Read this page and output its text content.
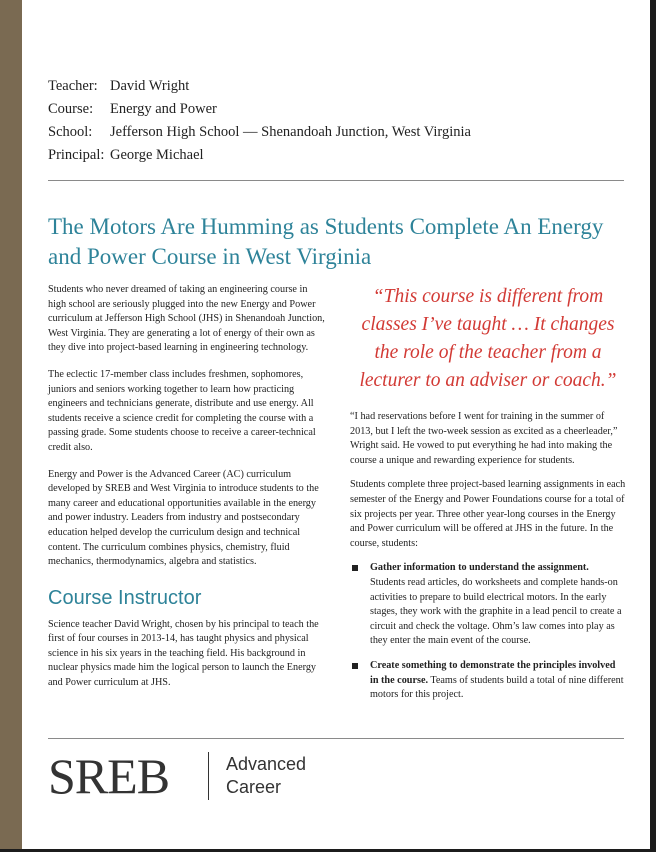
Teacher: David Wright
Course:	Energy and Power
School:	Jefferson High School — Shenandoah Junction, West Virginia
Principal: George Michael
The Motors Are Humming as Students Complete An Energy and Power Course in West Virginia

Students who never dreamed of taking an engineering course in high school are seriously plugged into the new Energy and Power curriculum at Jefferson High School (JHS) in Shenandoah Junction, West Virginia. They are generating a lot of energy of their own as they dive into project-based learning in engineering technology.

The eclectic 17-member class includes freshmen, sophomores, juniors and seniors working together to learn how practicing engineers and technicians generate, distribute and use energy. All students receive a science credit for completing the course with a passing grade. Some students choose to receive a career-technical credit also.

Energy and Power is the Advanced Career (AC) curriculum developed by SREB and West Virginia to introduce students to the many career and educational opportunities available in the energy and power industry. Leaders from industry and postsecondary education helped develop the curriculum design and technical content. The curriculum combines physics, chemistry, fluid mechanics, thermodynamics, algebra and statistics.

Course Instructor

Science teacher David Wright, chosen by his principal to teach the first of four courses in 2013-14, has taught physics and physical science in his six years in the teaching field. His background in nuclear physics made him the logical person to launch the Energy and Power curriculum at JHS.

“This course is different from classes I’ve taught … It changes the role of the teacher from a lecturer to an adviser or coach.”

“I had reservations before I went for training in the summer of 2013, but I left the two-week session as excited as a cheerleader,” Wright said. He vowed to put everything he had into making the course a unique and rewarding experience for students.

Students complete three project-based learning assignments in each semester of the Energy and Power Foundations course for a total of six projects per year. Three other year-long courses in the Energy and Power curriculum will be offered at JHS in the future. In the course, students:

Gather information to understand the assignment. Students read articles, do worksheets and complete hands-on activities to prepare to build electrical motors. In the early stages, they work with the graphite in a lead pencil to create a circuit and check the voltage. Ohm’s law comes into play as they enter the main event of the course.
Create something to demonstrate the principles involved in the course. Teams of students build a total of nine different motors for this project.
SREB	Advanced
Career
